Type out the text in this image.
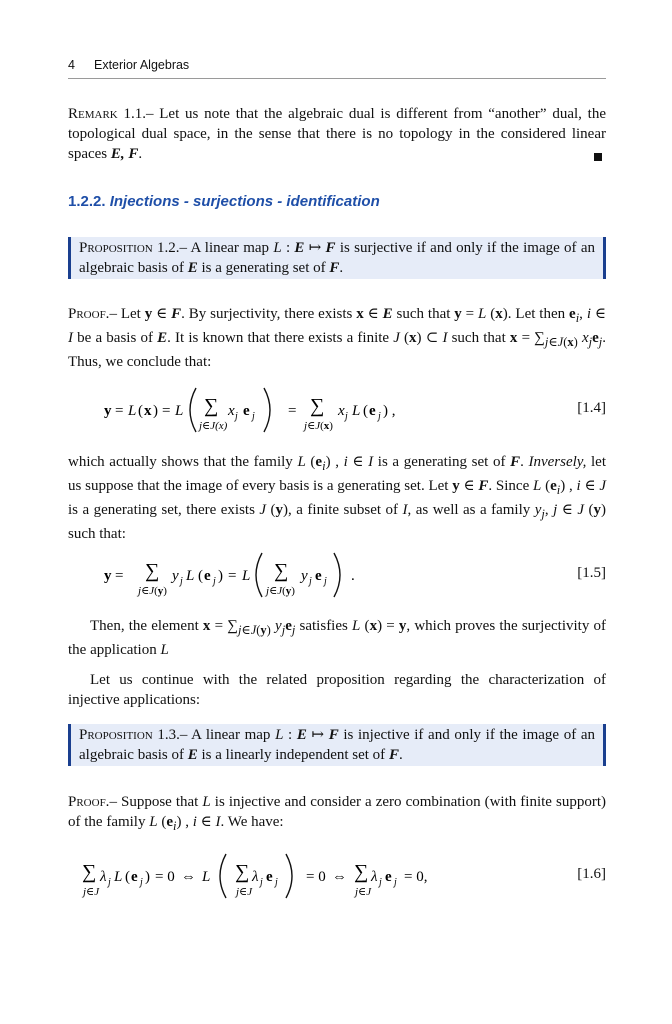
4 Exterior Algebras
Remark 1.1.– Let us note that the algebraic dual is different from “another” dual, the topological dual space, in the sense that there is no topology in the considered linear spaces E, F.
1.2.2. Injections - surjections - identification
Proposition 1.2.– A linear map L : E ↦ F is surjective if and only if the image of an algebraic basis of E is a generating set of F.
Proof.– Let y ∈ F. By surjectivity, there exists x ∈ E such that y = L (x). Let then $e_i$, i ∈ I be a basis of E. It is known that there exists a finite J (x) ⊂ I such that $x = \sum_{j\in J(x)}$ $x_je_j$. Thus, we conclude that:
y = L ( x ) = L ∑
j∈J(x)
x j e j = ∑
j∈J(x)
x j L ( e j ) ,	[1.4]
which actually shows that the family L $(e_i)$ , i ∈ I is a generating set of F. Inversely, let us suppose that the image of every basis is a generating set. Let y ∈ F. Since L $(e_i)$ , i ∈ J is a generating set, there exists J (y), a finite subset of I, as well as a family $y_j$, j ∈ J (y) such that:
y = ∑
j∈J(y)
y j L ( e j ) = L ∑
j∈J(y)
y j e j .	[1.5]
Then, the element $x = \sum_{j\in J(y)}$ $y_je_j$ satisfies L (x) = y, which proves the surjectivity of the application L
Let us continue with the related proposition regarding the characterization of injective applications:
Proposition 1.3.– A linear map L : E ↦ F is injective if and only if the image of an algebraic basis of E is a linearly independent set of F.
Proof.– Suppose that L is injective and consider a zero combination (with finite support) of the family L $(e_i)$ , i ∈ I. We have:
∑
j∈J
λ j L ( e j ) = 0 ⇔ L ∑
j∈J
λ j e j = 0 ⇔ ∑
j∈J
λ j e j = 0,	[1.6]
